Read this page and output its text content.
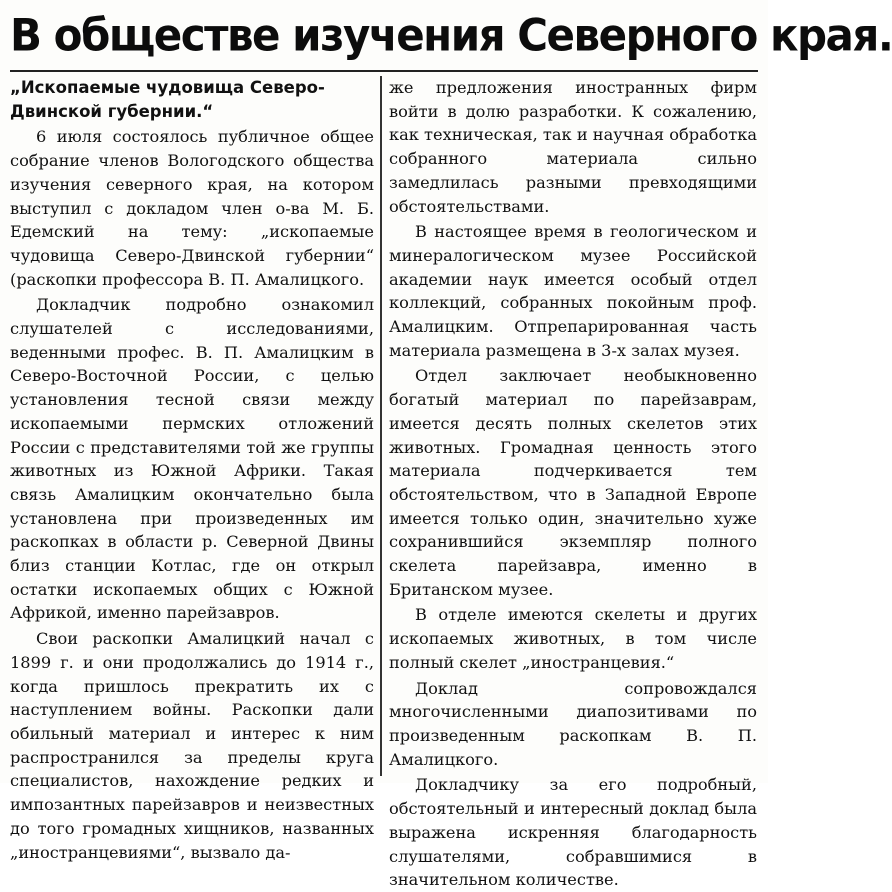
В обществе изучения Северного края.
„Ископаемые чудовища Северо-Двинской губернии.“

6 июля состоялось публичное общее собрание членов Вологодского общества изучения северного края, на котором выступил с докладом член о-ва М. Б. Едемский на тему: „ископаемые чудовища Северо-Двинской губернии“ (раскопки профессора В. П. Амалицкого.

Докладчик подробно ознакомил слушателей с исследованиями, веденными профес. В. П. Амалицким в Северо-Восточной России, с целью установления тесной связи между ископаемыми пермских отложений России с представителями той же группы животных из Южной Африки. Такая связь Амалицким окончательно была установлена при произведенных им раскопках в области р. Северной Двины близ станции Котлас, где он открыл остатки ископаемых общих с Южной Африкой, именно парейзавров.

Свои раскопки Амалицкий начал с 1899 г. и они продолжались до 1914 г., когда пришлось прекратить их с наступлением войны. Раскопки дали обильный материал и интерес к ним распространился за пределы круга специалистов, нахождение редких и импозантных парейзавров и неизвестных до того громадных хищников, названных „иностранцевиями“, вызвало да-

же предложения иностранных фирм войти в долю разработки. К сожалению, как техническая, так и научная обработка собранного материала сильно замедлилась разными превходящими обстоятельствами.

В настоящее время в геологическом и минералогическом музее Российской академии наук имеется особый отдел коллекций, собранных покойным проф. Амалицким. Отпрепарированная часть материала размещена в 3-х залах музея.

Отдел заключает необыкновенно богатый материал по парейзаврам, имеется десять полных скелетов этих животных. Громадная ценность этого материала подчеркивается тем обстоятельством, что в Западной Европе имеется только один, значительно хуже сохранившийся экземпляр полного скелета парейзавра, именно в Британском музее.

В отделе имеются скелеты и других ископаемых животных, в том числе полный скелет „иностранцевия.“

Доклад сопровождался многочисленными диапозитивами по произведенным раскопкам В. П. Амалицкого.

Докладчику за его подробный, обстоятельный и интересный доклад была выражена искренняя благодарность слушателями, собравшимися в значительном количестве.
